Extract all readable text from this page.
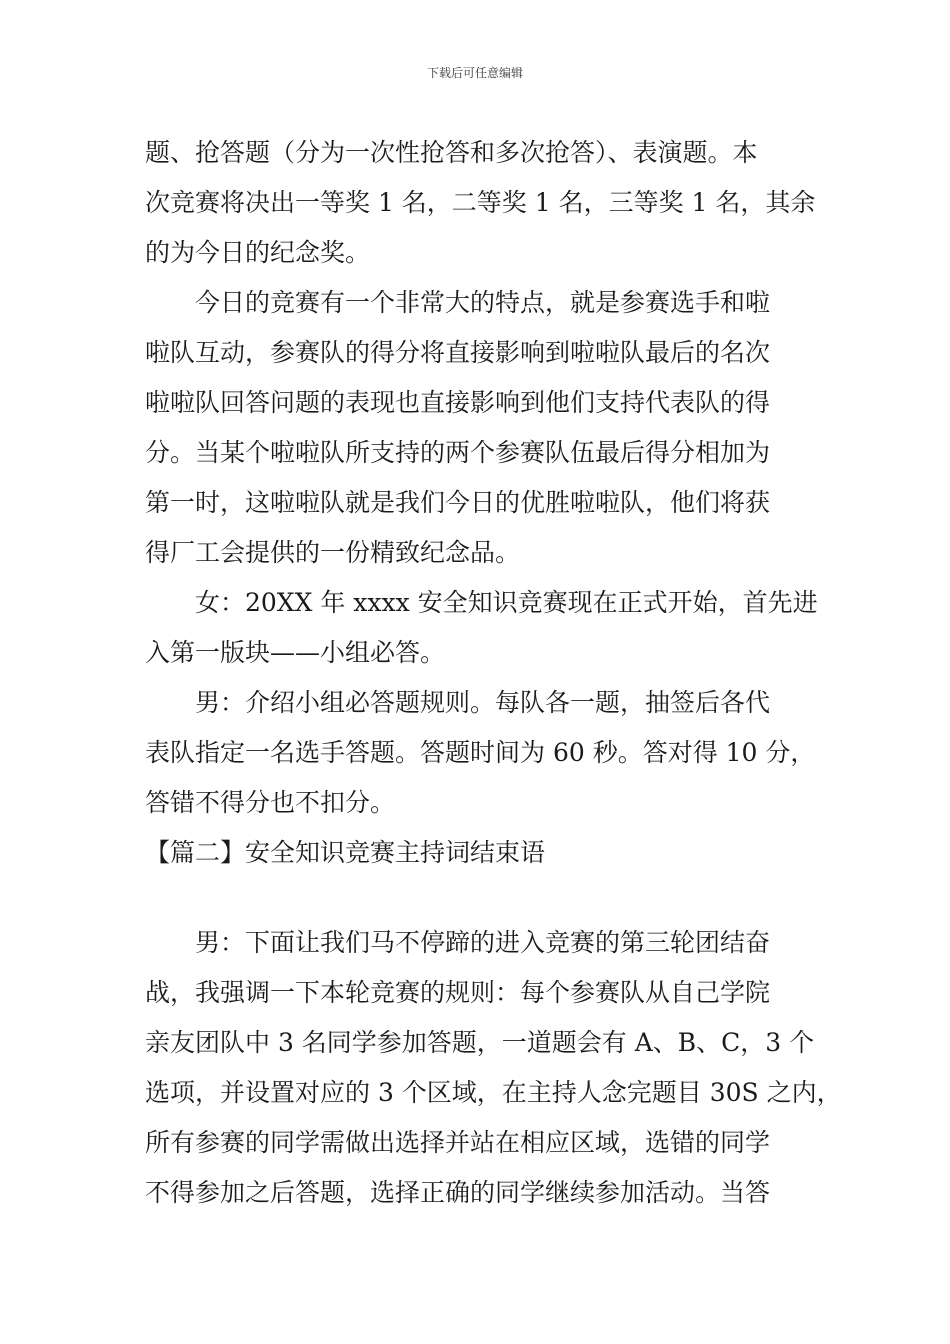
下载后可任意编辑
题、抢答题（分为一次性抢答和多次抢答）、表演题。本
次竞赛将决出一等奖 1 名，二等奖 1 名，三等奖 1 名，其余
的为今日的纪念奖。
今日的竞赛有一个非常大的特点，就是参赛选手和啦
啦队互动，参赛队的得分将直接影响到啦啦队最后的名次
啦啦队回答问题的表现也直接影响到他们支持代表队的得
分。当某个啦啦队所支持的两个参赛队伍最后得分相加为
第一时，这啦啦队就是我们今日的优胜啦啦队，他们将获
得厂工会提供的一份精致纪念品。
女：20XX 年 xxxx 安全知识竞赛现在正式开始，首先进
入第一版块——小组必答。
男：介绍小组必答题规则。每队各一题，抽签后各代
表队指定一名选手答题。答题时间为 60 秒。答对得 10 分，
答错不得分也不扣分。
【篇二】安全知识竞赛主持词结束语
男：下面让我们马不停蹄的进入竞赛的第三轮团结奋
战，我强调一下本轮竞赛的规则：每个参赛队从自己学院
亲友团队中 3 名同学参加答题，一道题会有 A、B、C，3 个
选项，并设置对应的 3 个区域，在主持人念完题目 30S 之内，
所有参赛的同学需做出选择并站在相应区域，选错的同学
不得参加之后答题，选择正确的同学继续参加活动。当答
